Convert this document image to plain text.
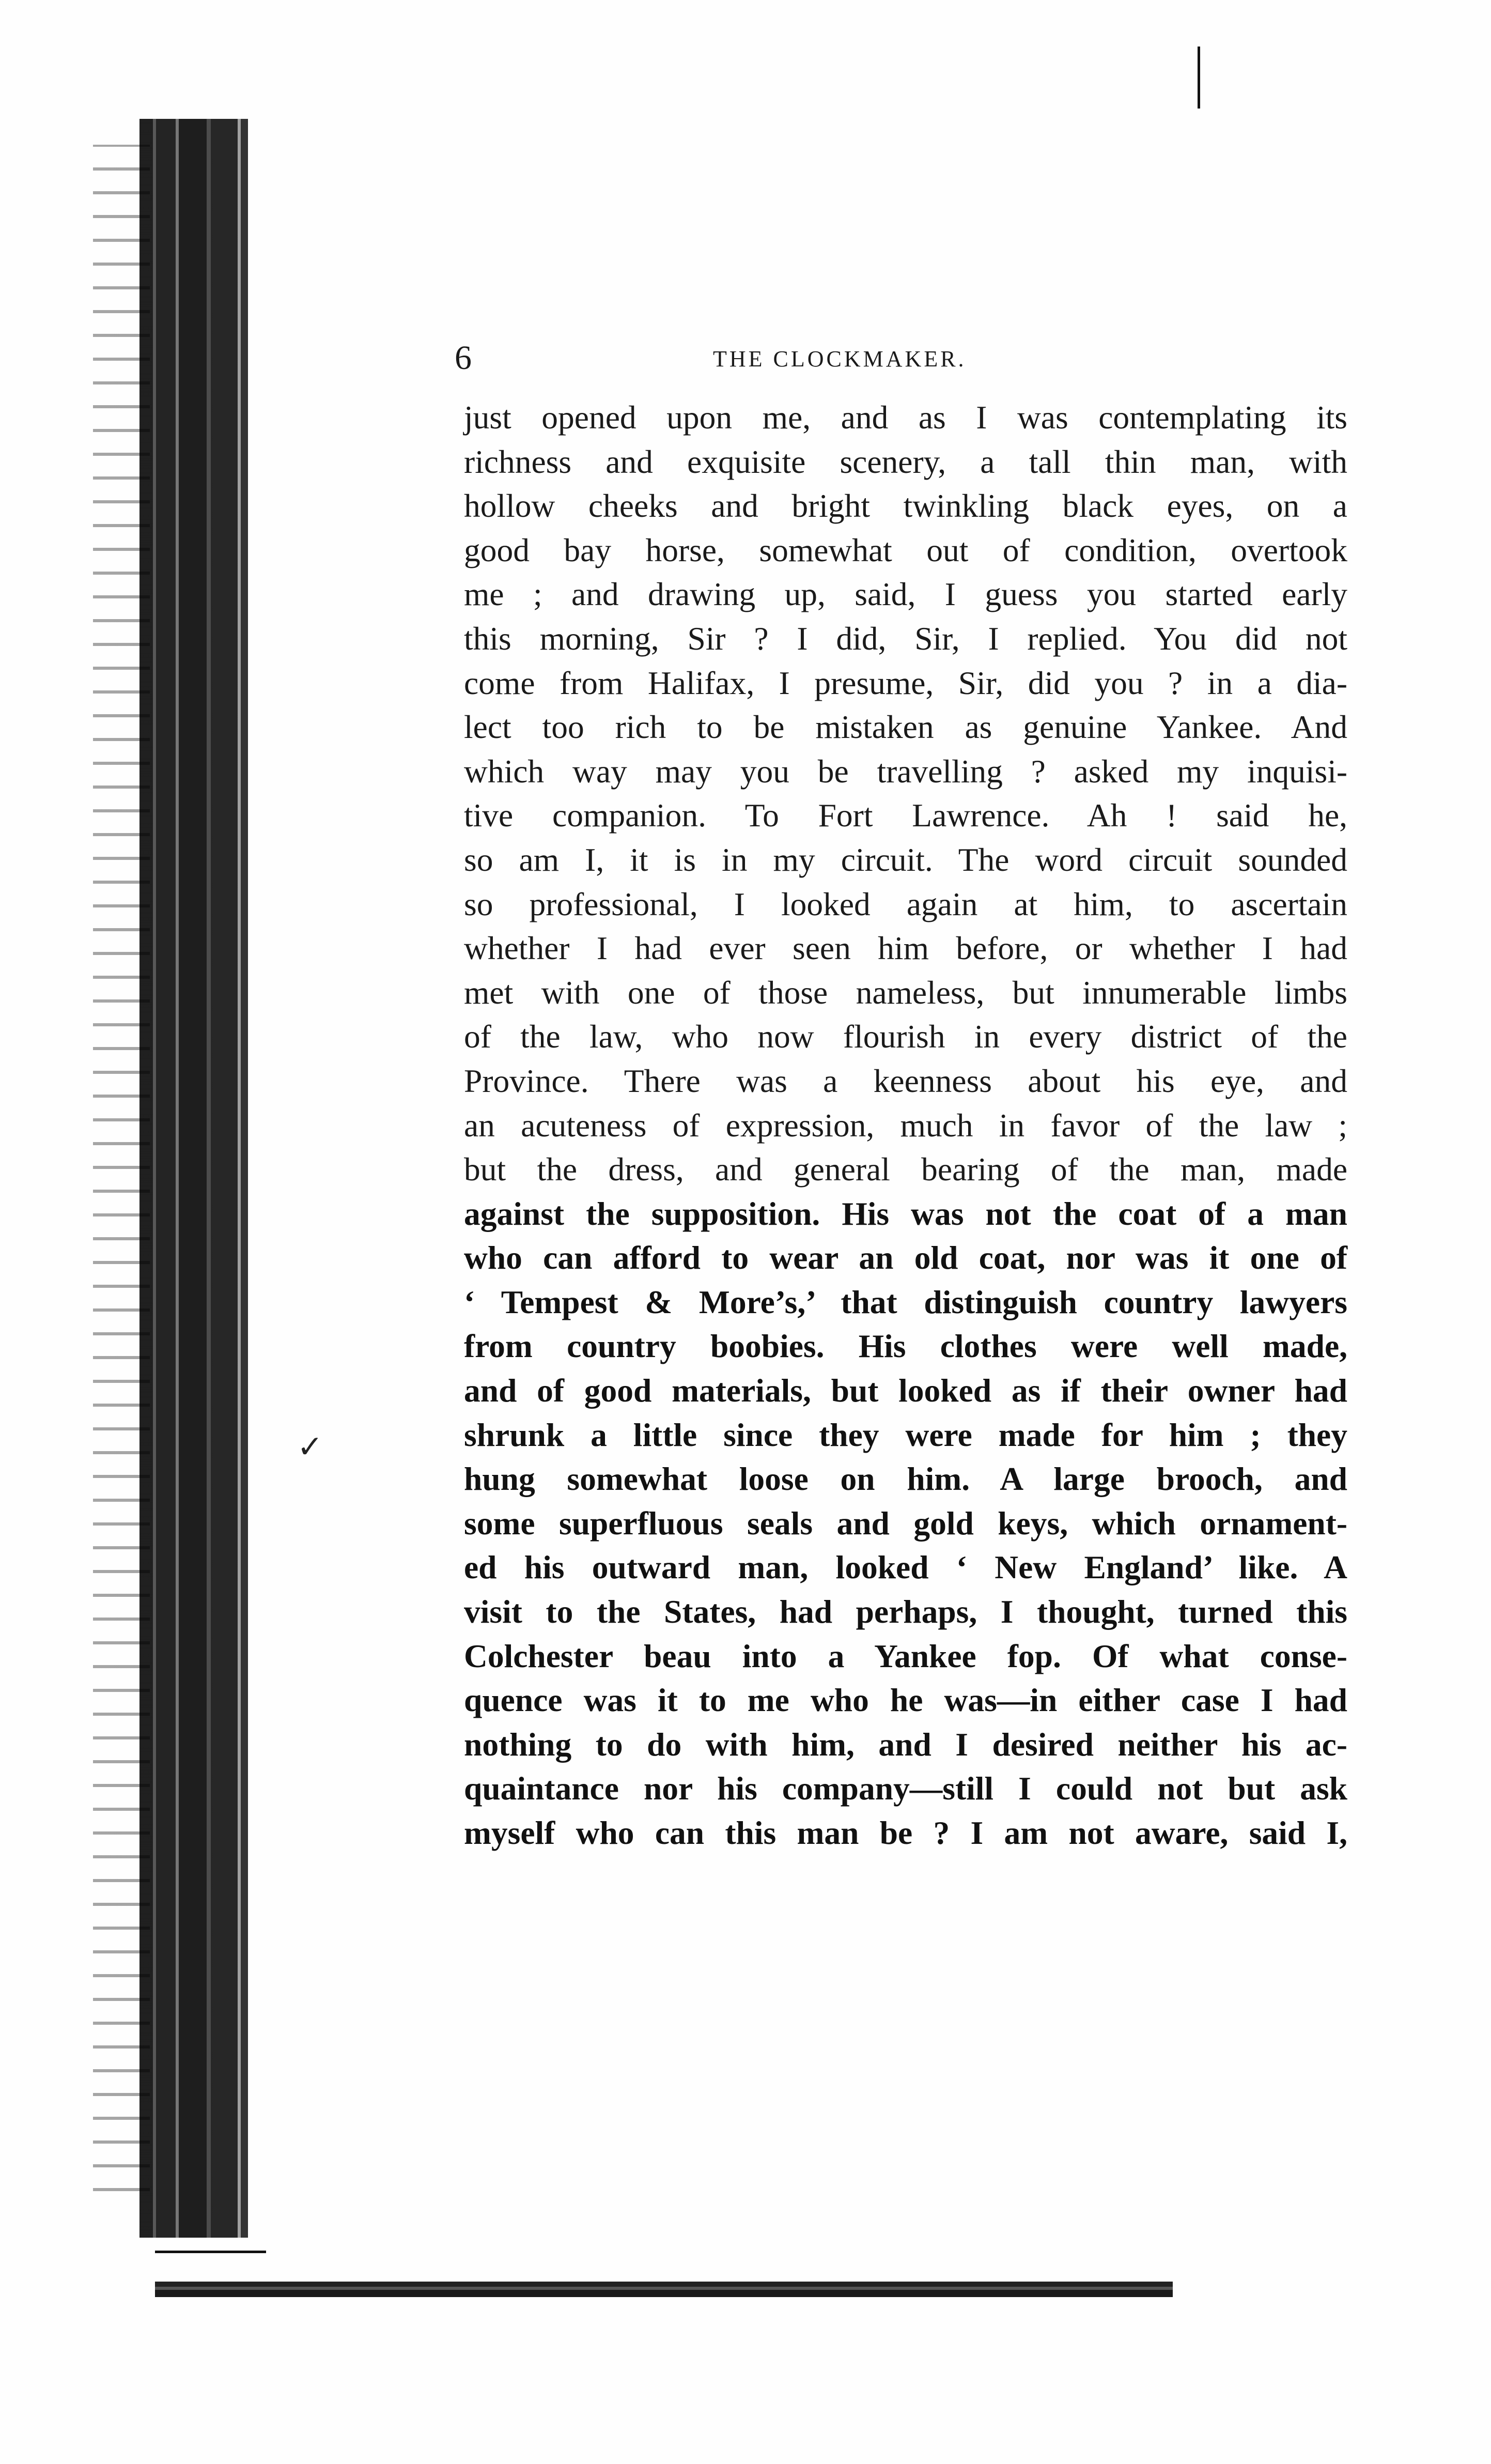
✓
6	THE CLOCKMAKER.
just opened upon me, and as I was contemplating its
richness and exquisite scenery, a tall thin man, with
hollow cheeks and bright twinkling black eyes, on a
good bay horse, somewhat out of condition, overtook
me ; and drawing up, said, I guess you started early
this morning, Sir ? I did, Sir, I replied. You did not
come from Halifax, I presume, Sir, did you ? in a dia-
lect too rich to be mistaken as genuine Yankee. And
which way may you be travelling ? asked my inquisi-
tive companion. To Fort Lawrence. Ah ! said he,
so am I, it is in my circuit. The word circuit sounded
so professional, I looked again at him, to ascertain
whether I had ever seen him before, or whether I had
met with one of those nameless, but innumerable limbs
of the law, who now flourish in every district of the
Province. There was a keenness about his eye, and
an acuteness of expression, much in favor of the law ;
but the dress, and general bearing of the man, made
against the supposition. His was not the coat of a man
who can afford to wear an old coat, nor was it one of
‘ Tempest & More’s,’ that distinguish country lawyers
from country boobies. His clothes were well made,
and of good materials, but looked as if their owner had
shrunk a little since they were made for him ; they
hung somewhat loose on him. A large brooch, and
some superfluous seals and gold keys, which ornament-
ed his outward man, looked ‘ New England’ like. A
visit to the States, had perhaps, I thought, turned this
Colchester beau into a Yankee fop. Of what conse-
quence was it to me who he was—in either case I had
nothing to do with him, and I desired neither his ac-
quaintance nor his company—still I could not but ask
myself who can this man be ? I am not aware, said I,
